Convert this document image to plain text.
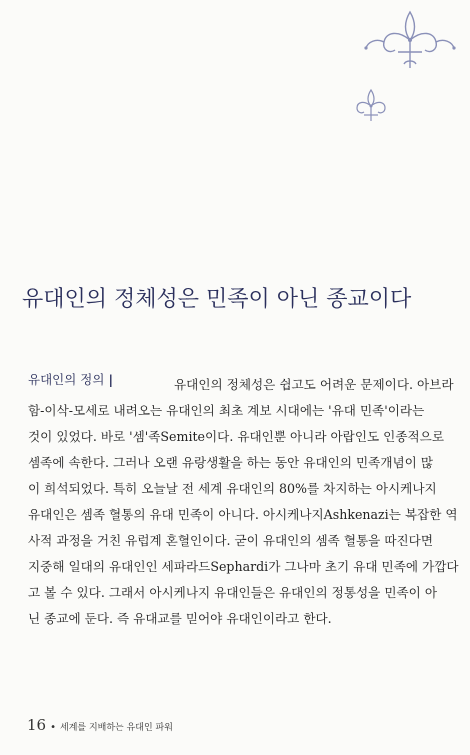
유대인의 정체성은 민족이 아닌 종교이다
유대인의 정의 |	유대인의 정체성은 쉽고도 어려운 문제이다. 아브라
함-이삭-모세로 내려오는 유대인의 최초 계보 시대에는 '유대 민족'이라는
것이 있었다. 바로 '셈'족Semite이다. 유대인뿐 아니라 아랍인도 인종적으로
셈족에 속한다. 그러나 오랜 유랑생활을 하는 동안 유대인의 민족개념이 많
이 희석되었다. 특히 오늘날 전 세계 유대인의 80%를 차지하는 아시케나지
유대인은 셈족 혈통의 유대 민족이 아니다. 아시케나지Ashkenazi는 복잡한 역
사적 과정을 거친 유럽계 혼혈인이다. 굳이 유대인의 셈족 혈통을 따진다면
지중해 일대의 유대인인 세파라드Sephardi가 그나마 초기 유대 민족에 가깝다
고 볼 수 있다. 그래서 아시케나지 유대인들은 유대인의 정통성을 민족이 아
닌 종교에 둔다. 즉 유대교를 믿어야 유대인이라고 한다.
16 • 세계를 지배하는 유대인 파워
